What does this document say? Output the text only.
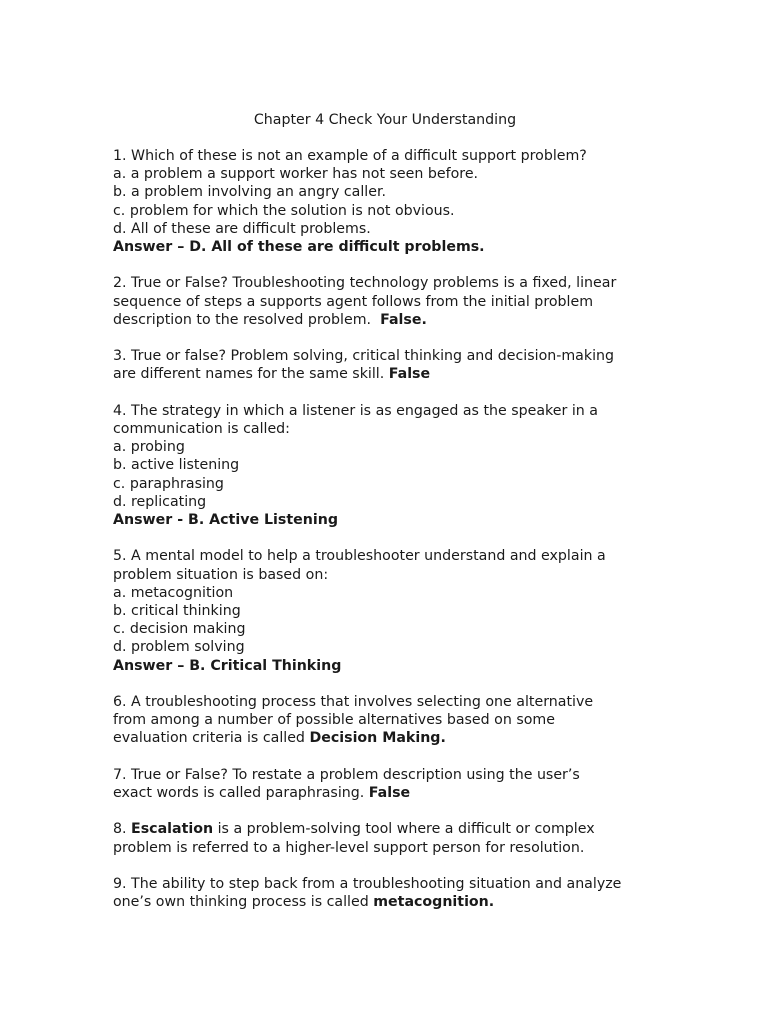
Chapter 4 Check Your Understanding
1. Which of these is not an example of a difficult support problem?
a. a problem a support worker has not seen before.
b. a problem involving an angry caller.
c. problem for which the solution is not obvious.
d. All of these are difficult problems.
Answer – D. All of these are difficult problems.
2. True or False? Troubleshooting technology problems is a fixed, linear
sequence of steps a supports agent follows from the initial problem
description to the resolved problem.  False.
3. True or false? Problem solving, critical thinking and decision-making
are different names for the same skill. False
4. The strategy in which a listener is as engaged as the speaker in a
communication is called:
a. probing
b. active listening
c. paraphrasing
d. replicating
Answer - B. Active Listening
5. A mental model to help a troubleshooter understand and explain a
problem situation is based on:
a. metacognition
b. critical thinking
c. decision making
d. problem solving
Answer – B. Critical Thinking
6. A troubleshooting process that involves selecting one alternative
from among a number of possible alternatives based on some
evaluation criteria is called Decision Making.
7. True or False? To restate a problem description using the user’s
exact words is called paraphrasing. False
8. Escalation is a problem-solving tool where a difficult or complex
problem is referred to a higher-level support person for resolution.
9. The ability to step back from a troubleshooting situation and analyze
one’s own thinking process is called metacognition.
